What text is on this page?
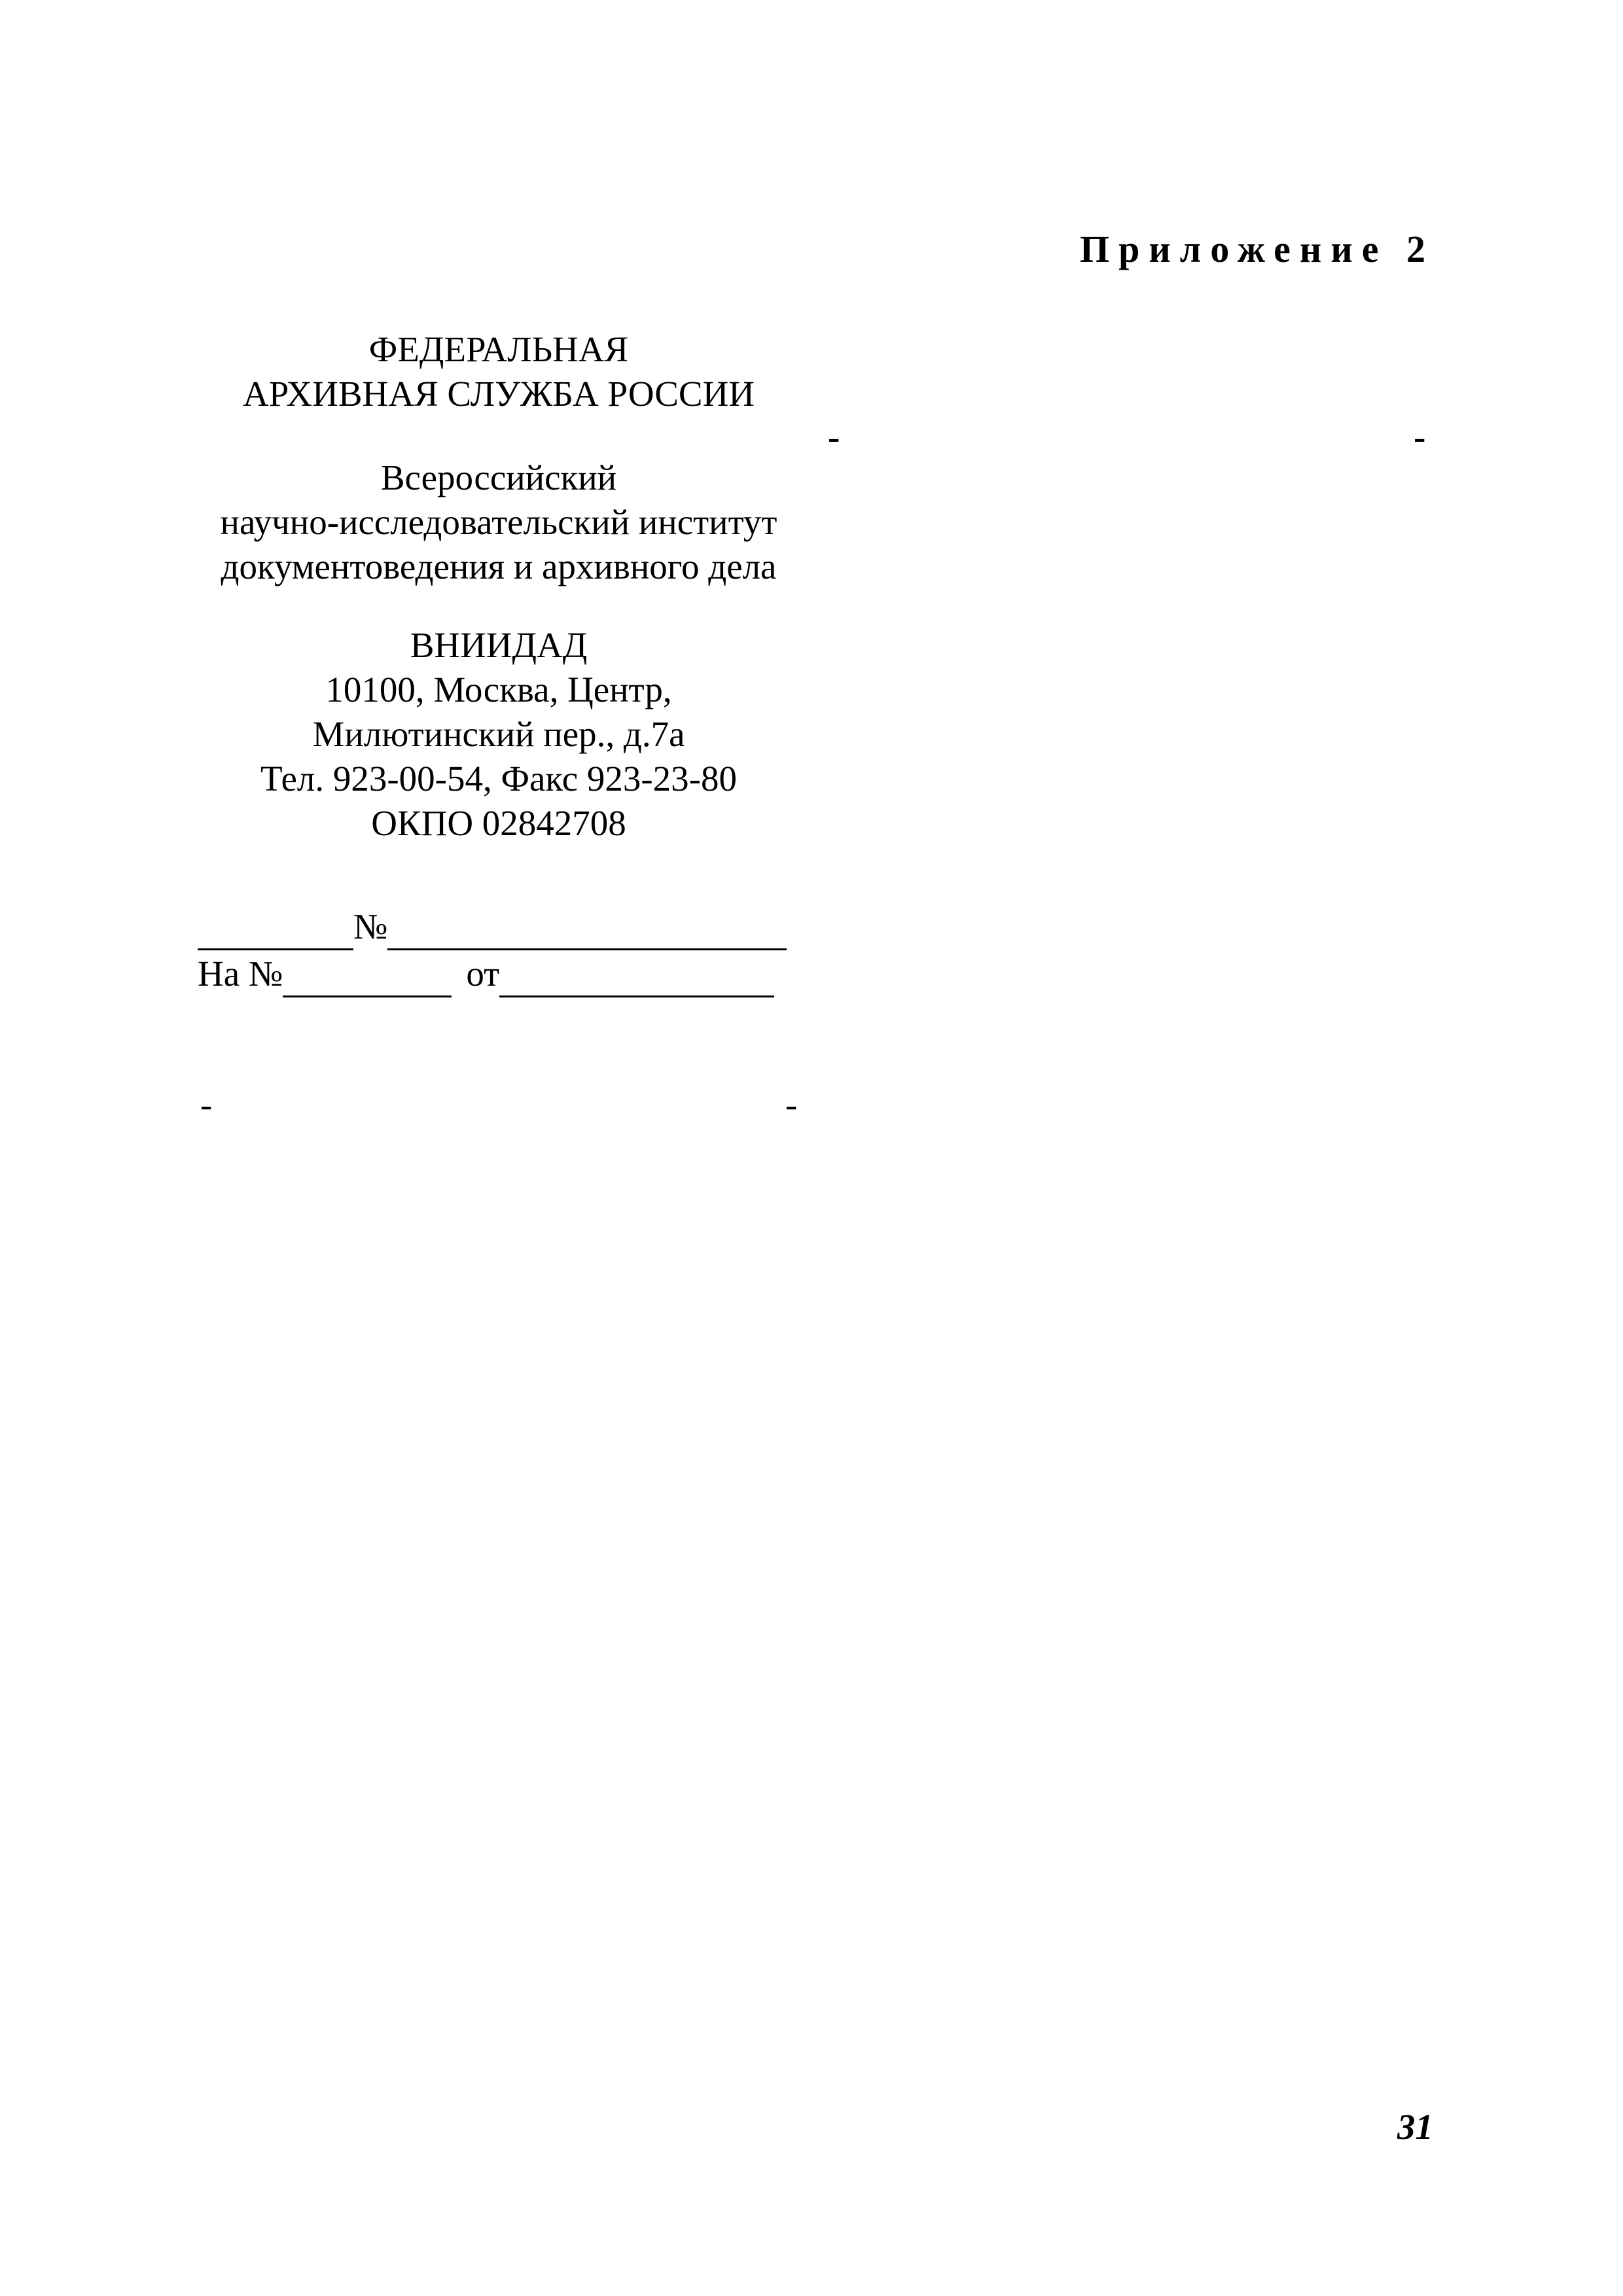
Приложение 2
-	-
ФЕДЕРАЛЬНАЯ
АРХИВНАЯ СЛУЖБА РОССИИ
Всероссийский
научно-исследовательский институт
документоведения и архивного дела
ВНИИДАД
10100, Москва, Центр,
Милютинский пер., д.7а
Тел. 923-00-54, Факс 923-23-80
ОКПО 02842708
№
На №	от
-	-
31
